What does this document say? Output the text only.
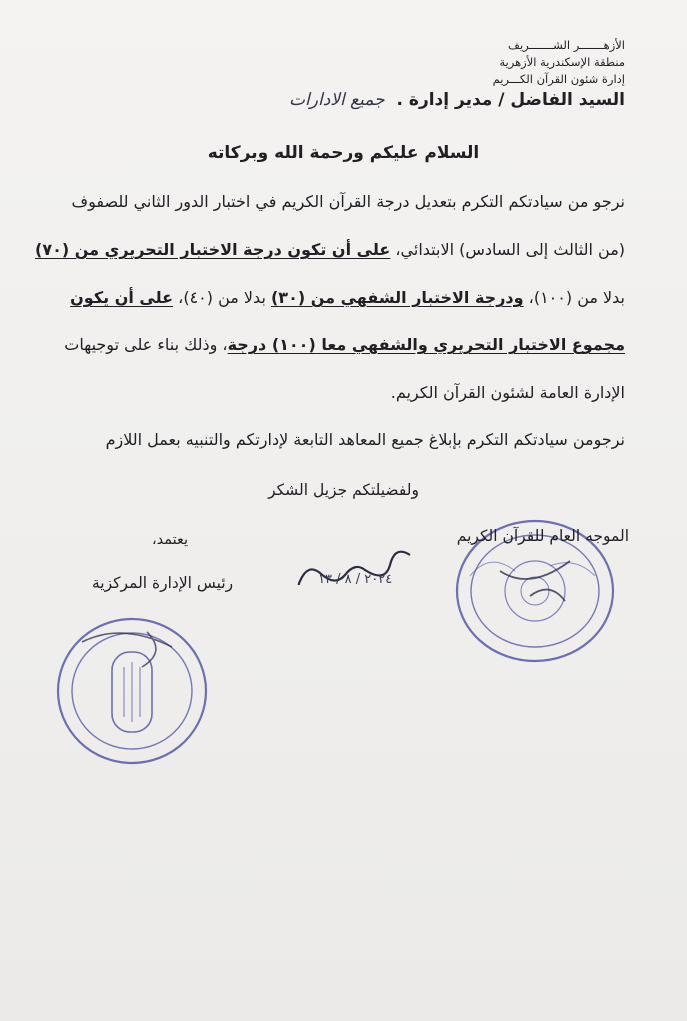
الأزهـــــــر الشـــــــريف
منطقة الإسكندرية الأزهرية
إدارة شئون القرآن الكـــريم
السيد الفاضل / مدير إدارة . جميع الادارات
السلام عليكم ورحمة الله وبركاته
نرجو من سيادتكم التكرم بتعديل درجة القرآن الكريم في اختبار الدور الثاني للصفوف
(من الثالث إلى السادس) الابتدائي، على أن تكون درجة الاختبار التحريري من (٧٠)
بدلا من (١٠٠)، ودرجة الاختبار الشفهي من (٣٠) بدلا من (٤٠)، على أن يكون
مجموع الاختبار التحريري والشفهي معا (١٠٠) درجة، وذلك بناء على توجيهات
الإدارة العامة لشئون القرآن الكريم.
نرجومن سيادتكم التكرم بإبلاغ جميع المعاهد التابعة لإدارتكم والتنبيه بعمل اللازم
ولفضيلتكم جزيل الشكر
الموجه العام للقرآن الكريم
٢٠٢٤ / ٨ / ١٣
يعتمد،
رئيس الإدارة المركزية
